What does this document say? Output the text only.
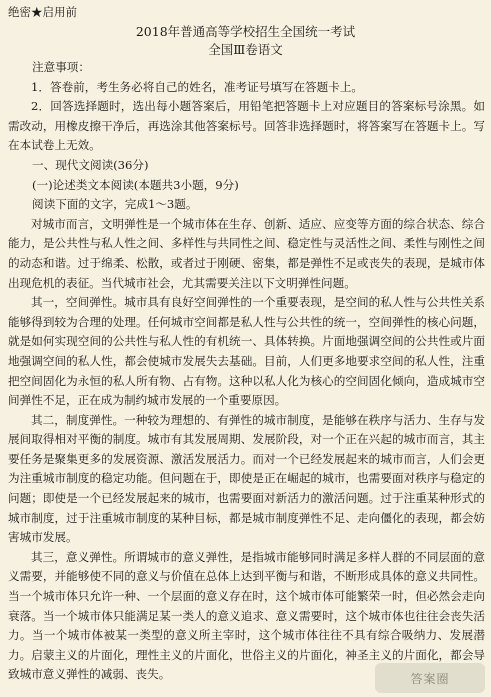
绝密★启用前
2018年普通高等学校招生全国统一考试
全国Ⅲ卷语文

注意事项：

1．答卷前，考生务必将自己的姓名，准考证号填写在答题卡上。

2．回答选择题时，选出每小题答案后，用铅笔把答题卡上对应题目的答案标号涂黑。如需改动，用橡皮擦干净后，再选涂其他答案标号。回答非选择题时，将答案写在答题卡上。写在本试卷上无效。

一、现代文阅读(36分)

(一)论述类文本阅读(本题共3小题，9分)

阅读下面的文字，完成1～3题。

对城市而言，文明弹性是一个城市体在生存、创新、适应、应变等方面的综合状态、综合能力，是公共性与私人性之间、多样性与共同性之间、稳定性与灵活性之间、柔性与刚性之间的动态和谐。过于绵柔、松散，或者过于刚硬、密集，都是弹性不足或丧失的表现，是城市体出现危机的表征。当代城市社会，尤其需要关注以下文明弹性问题。

其一，空间弹性。城市具有良好空间弹性的一个重要表现，是空间的私人性与公共性关系能够得到较为合理的处理。任何城市空间都是私人性与公共性的统一，空间弹性的核心问题，就是如何实现空间的公共性与私人性的有机统一、具体转换。片面地强调空间的公共性或片面地强调空间的私人性，都会使城市发展失去基础。目前，人们更多地要求空间的私人性，注重把空间固化为永恒的私人所有物、占有物。这种以私人化为核心的空间固化倾向，造成城市空间弹性不足，正在成为制约城市发展的一个重要原因。

其二，制度弹性。一种较为理想的、有弹性的城市制度，是能够在秩序与活力、生存与发展间取得相对平衡的制度。城市有其发展周期、发展阶段，对一个正在兴起的城市而言，其主要任务是聚集更多的发展资源、激活发展活力。而对一个已经发展起来的城市而言，人们会更为注重城市制度的稳定功能。但问题在于，即使是正在崛起的城市，也需要面对秩序与稳定的问题；即使是一个已经发展起来的城市，也需要面对新活力的激活问题。过于注重某种形式的城市制度，过于注重城市制度的某种目标，都是城市制度弹性不足、走向僵化的表现，都会妨害城市发展。

其三，意义弹性。所谓城市的意义弹性，是指城市能够同时满足多样人群的不同层面的意义需要，并能够使不同的意义与价值在总体上达到平衡与和谐，不断形成具体的意义共同性。当一个城市体只允许一种、一个层面的意义存在时，这个城市体可能繁荣一时，但必然会走向衰落。当一个城市体只能满足某一类人的意义追求、意义需要时，这个城市体也往往会丧失活力。当一个城市体被某一类型的意义所主宰时，这个城市体往往不具有综合吸纳力、发展潜力。启蒙主义的片面化，理性主义的片面化，世俗主义的片面化，神圣主义的片面化，都会导致城市意义弹性的减弱、丧失。	答案圈
